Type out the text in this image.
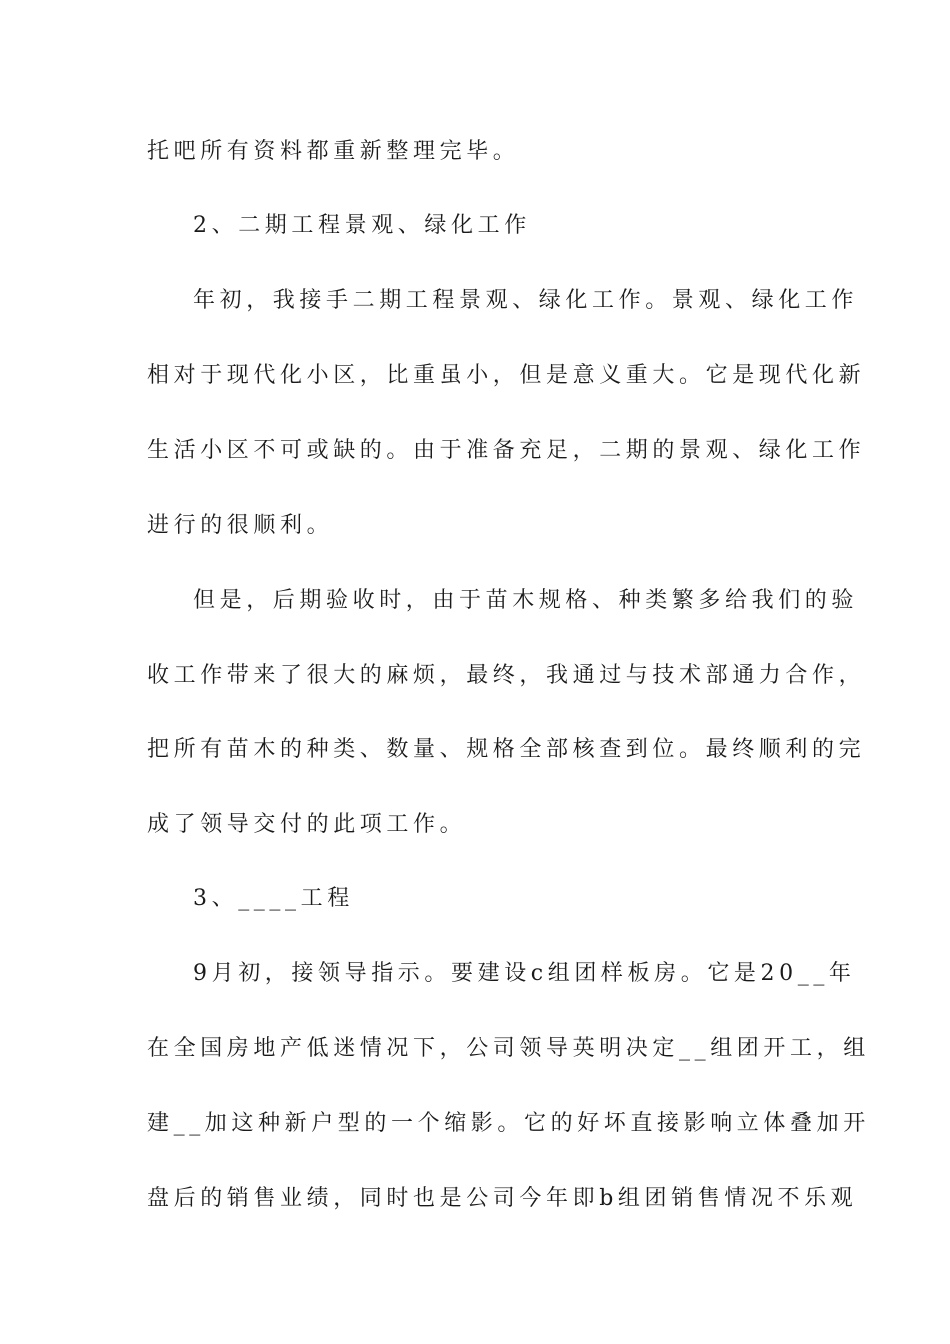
托吧所有资料都重新整理完毕。
2、二期工程景观、绿化工作
年初，我接手二期工程景观、绿化工作。景观、绿化工作
相对于现代化小区，比重虽小，但是意义重大。它是现代化新
生活小区不可或缺的。由于准备充足，二期的景观、绿化工作
进行的很顺利。
但是，后期验收时，由于苗木规格、种类繁多给我们的验
收工作带来了很大的麻烦，最终，我通过与技术部通力合作，
把所有苗木的种类、数量、规格全部核查到位。最终顺利的完
成了领导交付的此项工作。
3、____工程
9月初，接领导指示。要建设c组团样板房。它是20__年
在全国房地产低迷情况下，公司领导英明决定__组团开工，组
建__加这种新户型的一个缩影。它的好坏直接影响立体叠加开
盘后的销售业绩，同时也是公司今年即b组团销售情况不乐观
